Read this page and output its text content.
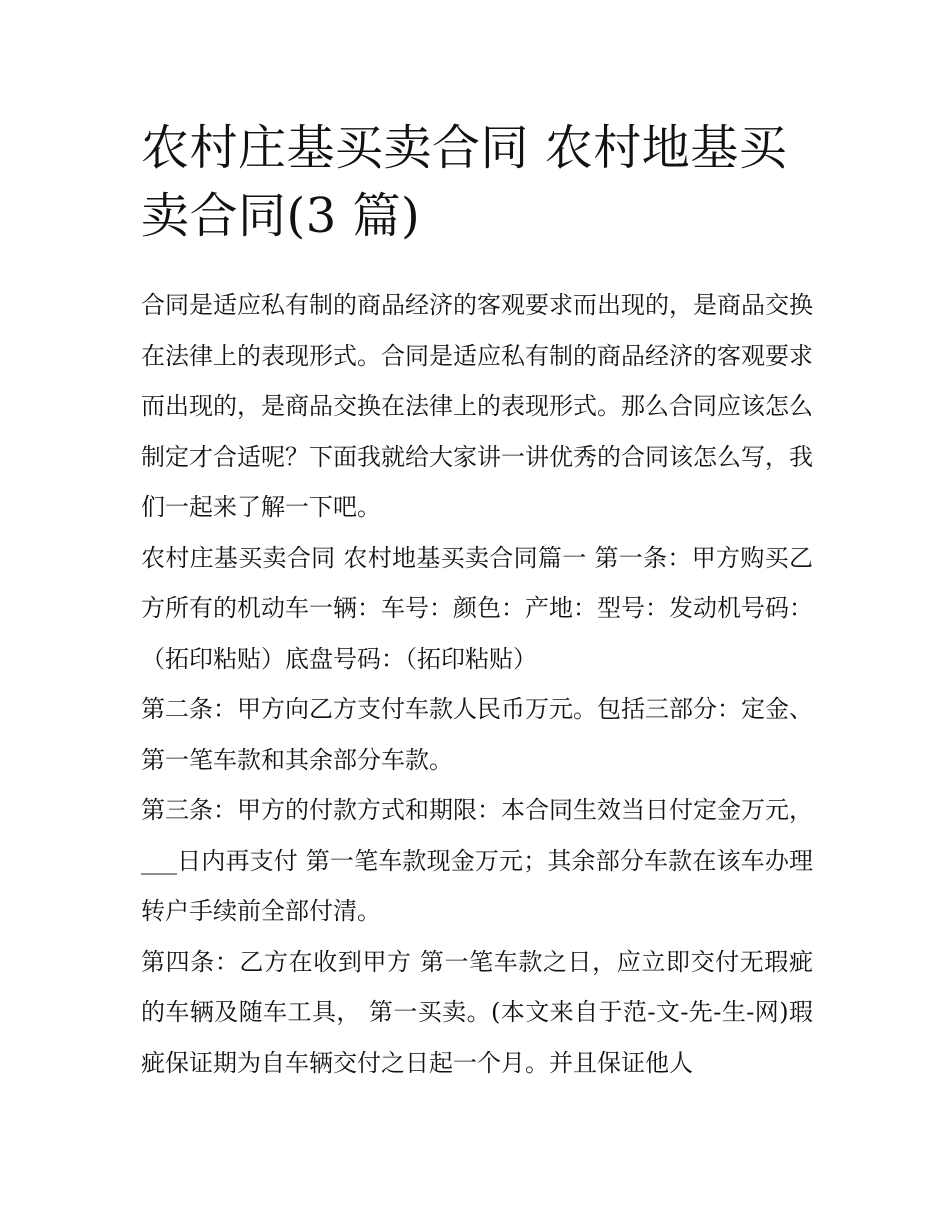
农村庄基买卖合同 农村地基买卖合同(3 篇)

合同是适应私有制的商品经济的客观要求而出现的，是商品交换在法律上的表现形式。合同是适应私有制的商品经济的客观要求而出现的，是商品交换在法律上的表现形式。那么合同应该怎么制定才合适呢？下面我就给大家讲一讲优秀的合同该怎么写，我们一起来了解一下吧。

农村庄基买卖合同 农村地基买卖合同篇一 第一条：甲方购买乙方所有的机动车一辆：车号：颜色：产地：型号：发动机号码：（拓印粘贴）底盘号码：（拓印粘贴）

第二条：甲方向乙方支付车款人民币万元。包括三部分：定金、 第一笔车款和其余部分车款。

第三条：甲方的付款方式和期限：本合同生效当日付定金万元，___日内再支付 第一笔车款现金万元；其余部分车款在该车办理转户手续前全部付清。

第四条：乙方在收到甲方 第一笔车款之日，应立即交付无瑕疵的车辆及随车工具， 第一买卖。(本文来自于范-文-先-生-网)瑕疵保证期为自车辆交付之日起一个月。并且保证他人
